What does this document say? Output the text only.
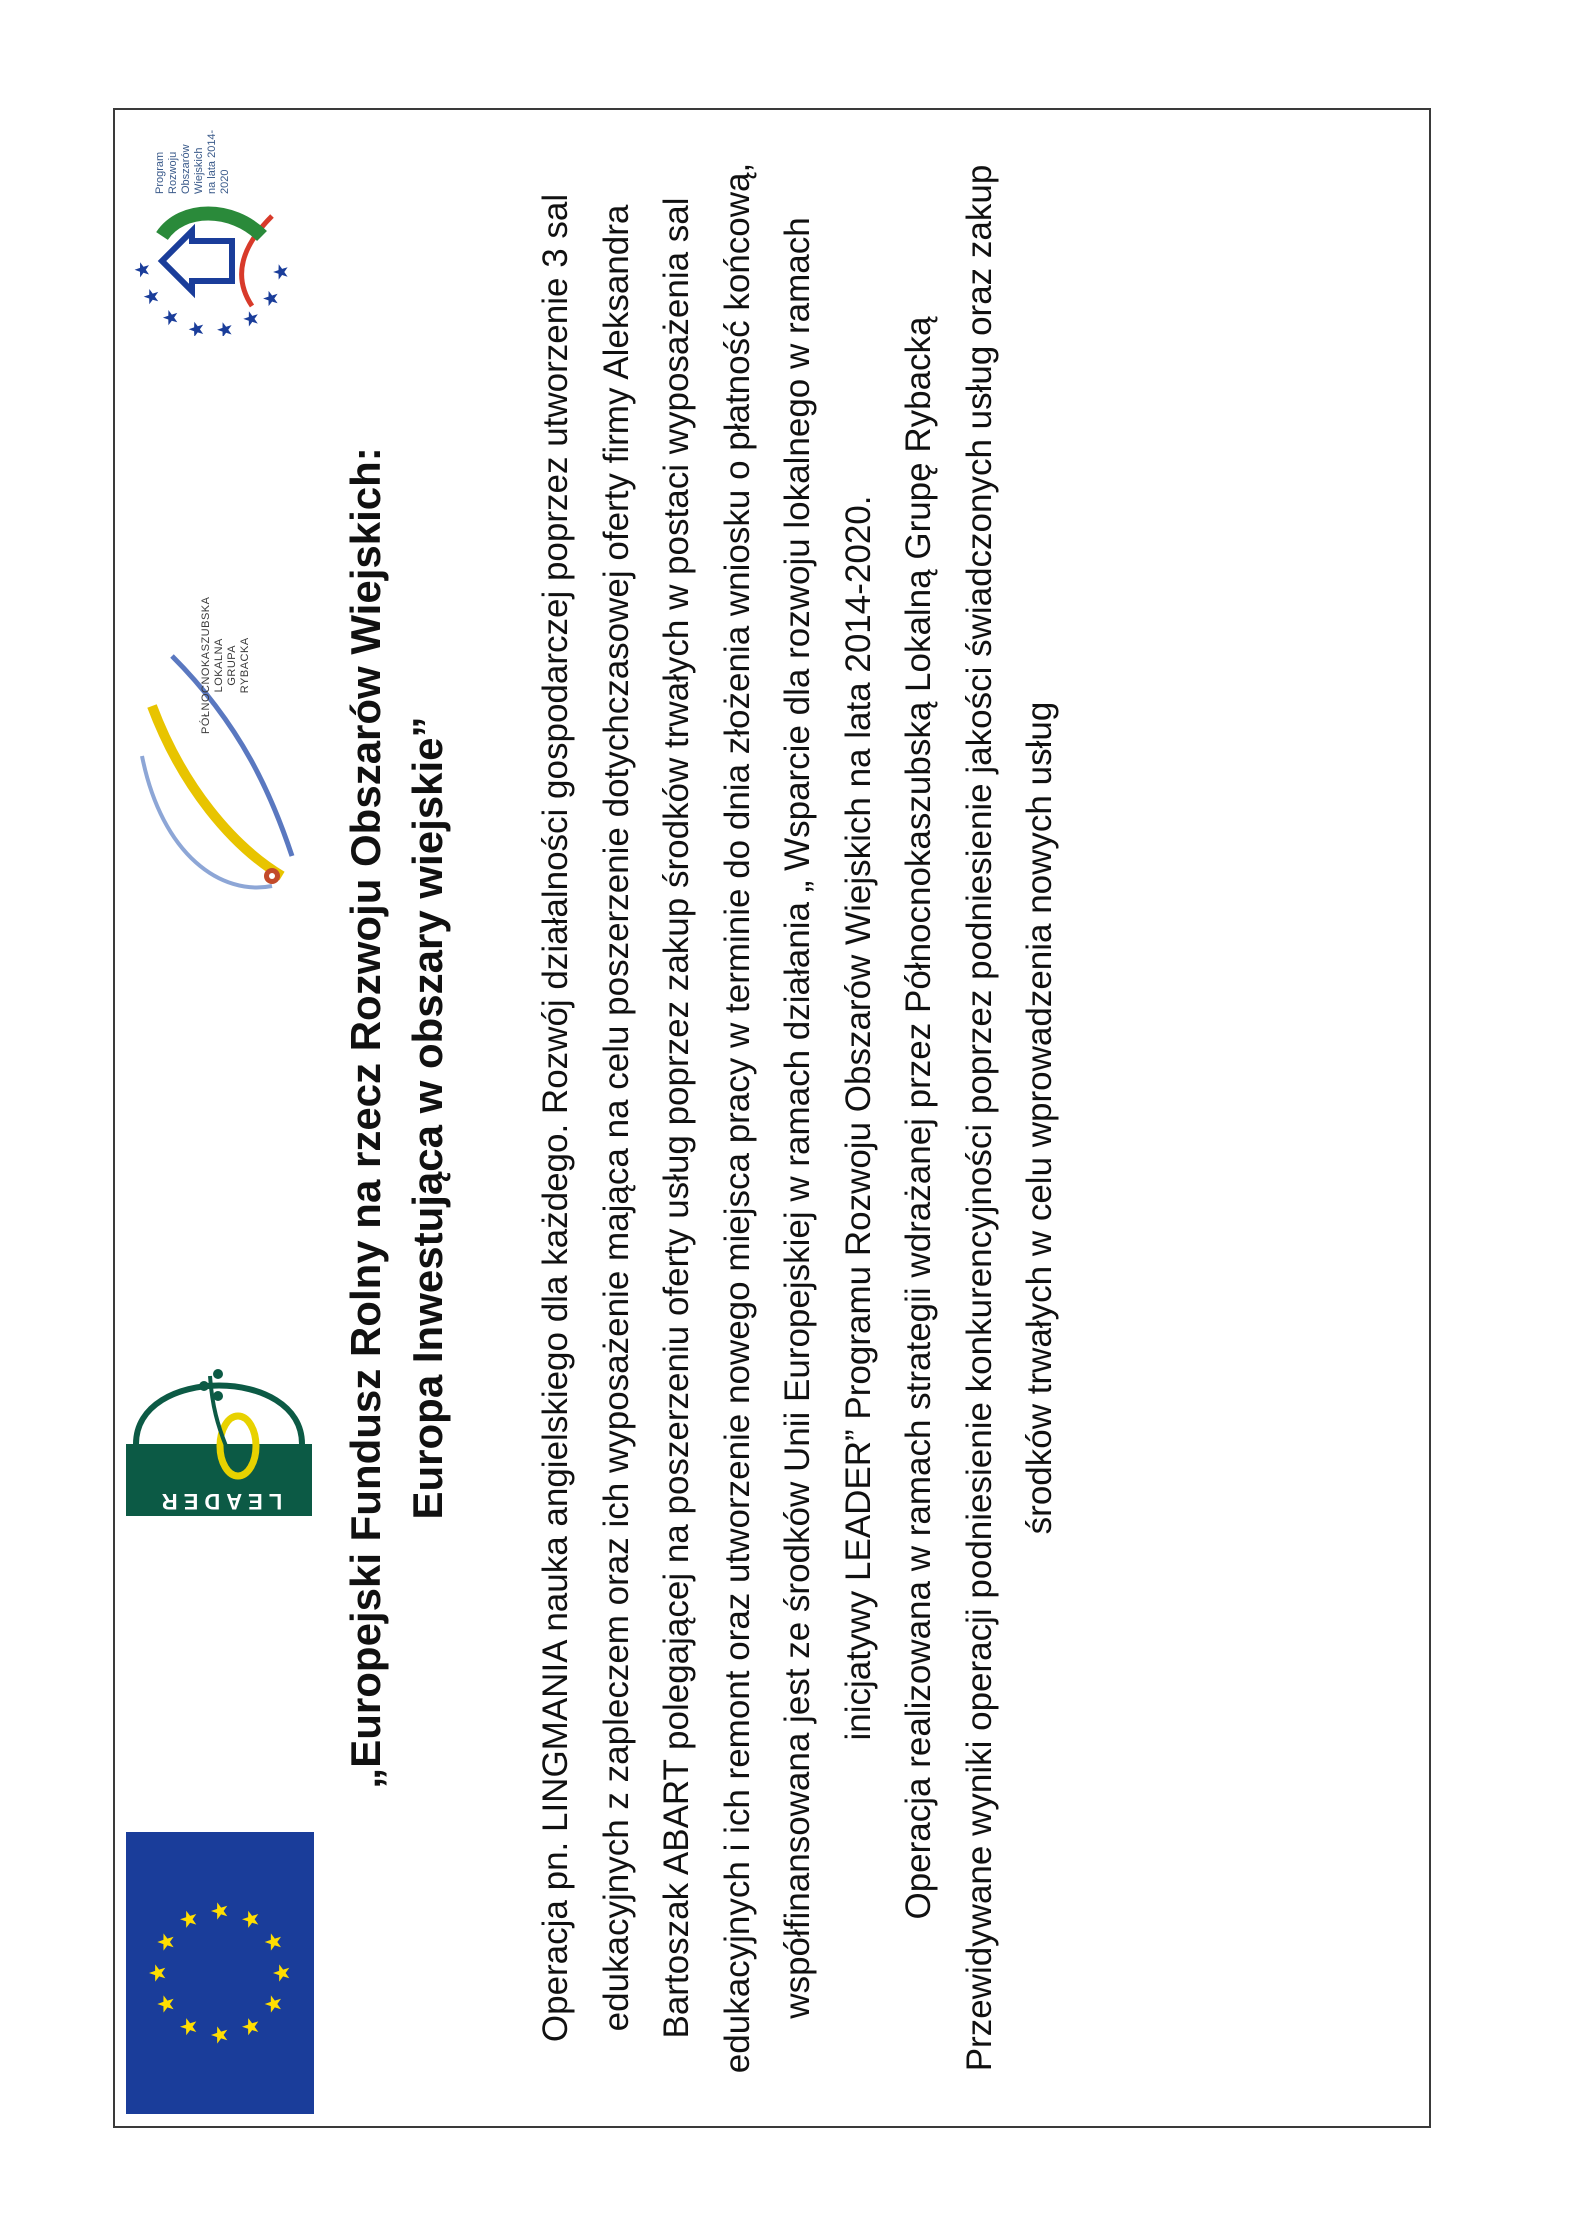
LEADER
PÓŁNOCNOKASZUBSKA LOKALNA GRUPA RYBACKA
Program Rozwoju Obszarów Wiejskich na lata 2014-2020
„Europejski Fundusz Rolny na rzecz Rozwoju Obszarów Wiejskich: Europa Inwestująca w obszary wiejskie” Operacja pn. LINGMANIA nauka angielskiego dla każdego. Rozwój działalności gospodarczej poprzez utworzenie 3 sal edukacyjnych z zapleczem oraz ich wyposażenie mająca na celu poszerzenie dotychczasowej oferty firmy Aleksandra Bartoszak ABART polegającej na poszerzeniu oferty usług poprzez zakup środków trwałych w postaci wyposażenia sal edukacyjnych i ich remont oraz utworzenie nowego miejsca pracy w terminie do dnia złożenia wniosku o płatność końcową, współfinansowana jest ze środków Unii Europejskiej w ramach działania „ Wsparcie dla rozwoju lokalnego w ramach inicjatywy LEADER” Programu Rozwoju Obszarów Wiejskich na lata 2014-2020. Operacja realizowana w ramach strategii wdrażanej przez Północnokaszubską Lokalną Grupę Rybacką Przewidywane wyniki operacji podniesienie konkurencyjności poprzez podniesienie jakości świadczonych usług oraz zakup środków trwałych w celu wprowadzenia nowych usług
